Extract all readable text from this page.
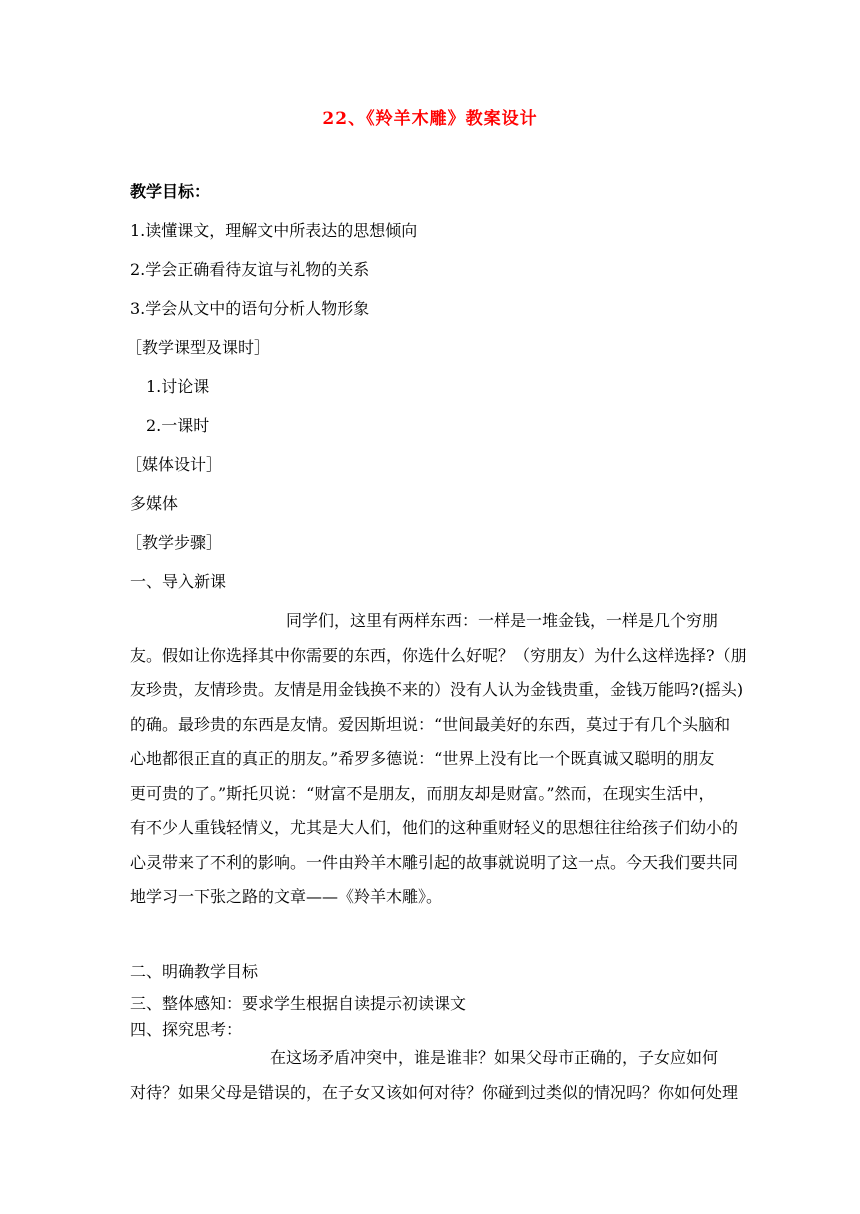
22、《羚羊木雕》教案设计
教学目标：
1.读懂课文，理解文中所表达的思想倾向
2.学会正确看待友谊与礼物的关系
3.学会从文中的语句分析人物形象
［教学课型及课时］
1.讨论课
2.一课时
［媒体设计］
多媒体
［教学步骤］
一、导入新课
同学们，这里有两样东西：一样是一堆金钱，一样是几个穷朋
友。假如让你选择其中你需要的东西，你选什么好呢？（穷朋友）为什么这样选择?（朋
友珍贵，友情珍贵。友情是用金钱换不来的）没有人认为金钱贵重，金钱万能吗?(摇头)
的确。最珍贵的东西是友情。爱因斯坦说：“世间最美好的东西，莫过于有几个头脑和
心地都很正直的真正的朋友。”希罗多德说：“世界上没有比一个既真诚又聪明的朋友
更可贵的了。”斯托贝说：“财富不是朋友，而朋友却是财富。”然而，在现实生活中，
有不少人重钱轻情义，尤其是大人们，他们的这种重财轻义的思想往往给孩子们幼小的
心灵带来了不利的影响。一件由羚羊木雕引起的故事就说明了这一点。今天我们要共同
地学习一下张之路的文章——《羚羊木雕》。
二、明确教学目标
三、整体感知：要求学生根据自读提示初读课文
四、探究思考：
在这场矛盾冲突中，谁是谁非？如果父母市正确的，子女应如何
对待？如果父母是错误的，在子女又该如何对待？你碰到过类似的情况吗？你如何处理
